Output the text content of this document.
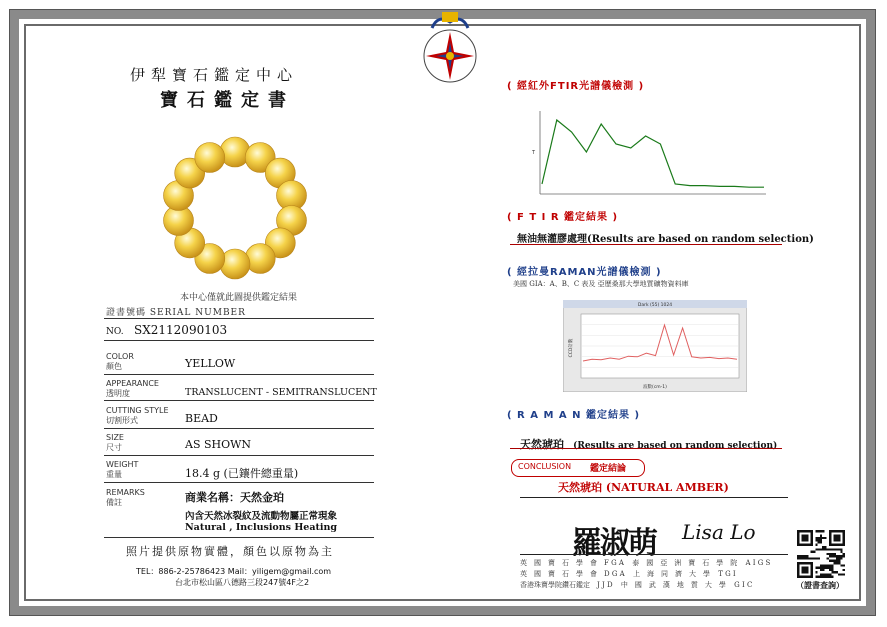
伊犁寶石鑑定中心
寶石鑑定書
本中心僅就此圖提供鑑定結果
證書號碼 SERIAL NUMBER
NO. SX2112090103
COLOR
顏色	YELLOW
APPEARANCE
透明度	TRANSLUCENT - SEMITRANSLUCENT
CUTTING STYLE
切割形式	BEAD
SIZE
尺寸	AS SHOWN
WEIGHT
重量	18.4 g (已鑲件總重量)
REMARKS
備註	商業名稱：天然金珀
內含天然冰裂紋及流動物屬正常現象
Natural , Inclusions Heating
照片提供原物實體，顏色以原物為主
TEL：886-2-25786423 Mail：yiligem@gmail.com
台北市松山區八德路三段247號4F之2
( 經紅外FTIR光譜儀檢測 )
T
( F T I R 鑑定結果 )
無油無灌膠處理(Results are based on random selection)
( 經拉曼RAMAN光譜儀檢測 )
美國 GIA：A、B、C 表及 亞歷桑那大學地質礦物資料庫
Dark (55) 1024
波數(cm-1)
CCD計數
( R A M A N 鑑定結果 )
天然琥珀 (Results are based on random selection)
CONCLUSION 鑑定結論
天然琥珀 (NATURAL AMBER)
羅淑萌 Lisa Lo
英　國　寶　石　學　會　F G A 泰　國　亞　洲　寶　石　學　院 A I G S
英　國　寶　石　學　會　D G A 上　海　同　濟　大　學 T G I
香港珠寶學院鑽石鑑定　J J D 中　國　武　漢　地　質　大　學 G I C	（證書查詢）
